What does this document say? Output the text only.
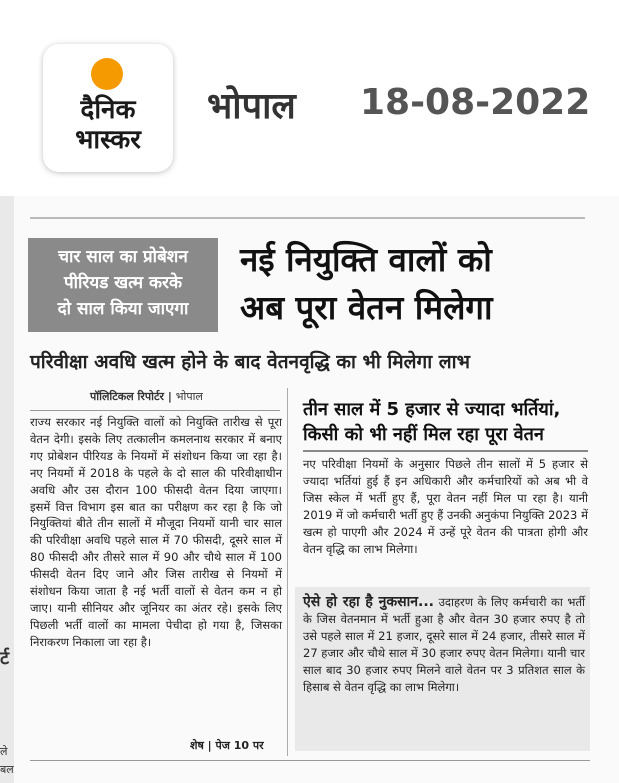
दैनिक
भास्कर
भोपाल 18-08-2022
र्ट
ले
बल
चार साल का प्रोबेशन
पीरियड खत्म करके
दो साल किया जाएगा
नई नियुक्ति वालों को
अब पूरा वेतन मिलेगा
परिवीक्षा अवधि खत्म होने के बाद वेतनवृद्धि का भी मिलेगा लाभ
पॉलिटिकल रिपोर्टर | भोपाल
राज्य सरकार नई नियुक्ति वालों को नियुक्ति तारीख से पूरा वेतन देगी। इसके लिए तत्कालीन कमलनाथ सरकार में बनाए गए प्रोबेशन पीरियड के नियमों में संशोधन किया जा रहा है। नए नियमों में 2018 के पहले के दो साल की परिवीक्षाधीन अवधि और उस दौरान 100 फीसदी वेतन दिया जाएगा। इसमें वित्त विभाग इस बात का परीक्षण कर रहा है कि जो नियुक्तियां बीते तीन सालों में मौजूदा नियमों यानी चार साल की परिवीक्षा अवधि पहले साल में 70 फीसदी, दूसरे साल में 80 फीसदी और तीसरे साल में 90 और चौथे साल में 100 फीसदी वेतन दिए जाने और जिस तारीख से नियमों में संशोधन किया जाता है नई भर्ती वालों से वेतन कम न हो जाए। यानी सीनियर और जूनियर का अंतर रहे। इसके लिए पिछली भर्ती वालों का मामला पेचीदा हो गया है, जिसका निराकरण निकाला जा रहा है।
शेष | पेज 10 पर
तीन साल में 5 हजार से ज्यादा भर्तियां,
किसी को भी नहीं मिल रहा पूरा वेतन
नए परिवीक्षा नियमों के अनुसार पिछले तीन सालों में 5 हजार से ज्यादा भर्तियां हुई हैं इन अधिकारी और कर्मचारियों को अब भी वे जिस स्केल में भर्ती हुए हैं, पूरा वेतन नहीं मिल पा रहा है। यानी 2019 में जो कर्मचारी भर्ती हुए हैं उनकी अनुकंपा नियुक्ति 2023 में खत्म हो पाएगी और 2024 में उन्हें पूरे वेतन की पात्रता होगी और वेतन वृद्धि का लाभ मिलेगा।
ऐसे हो रहा है नुकसान... उदाहरण के लिए कर्मचारी का भर्ती के जिस वेतनमान में भर्ती हुआ है और वेतन 30 हजार रुपए है तो उसे पहले साल में 21 हजार, दूसरे साल में 24 हजार, तीसरे साल में 27 हजार और चौथे साल में 30 हजार रुपए वेतन मिलेगा। यानी चार साल बाद 30 हजार रुपए मिलने वाले वेतन पर 3 प्रतिशत साल के हिसाब से वेतन वृद्धि का लाभ मिलेगा।
